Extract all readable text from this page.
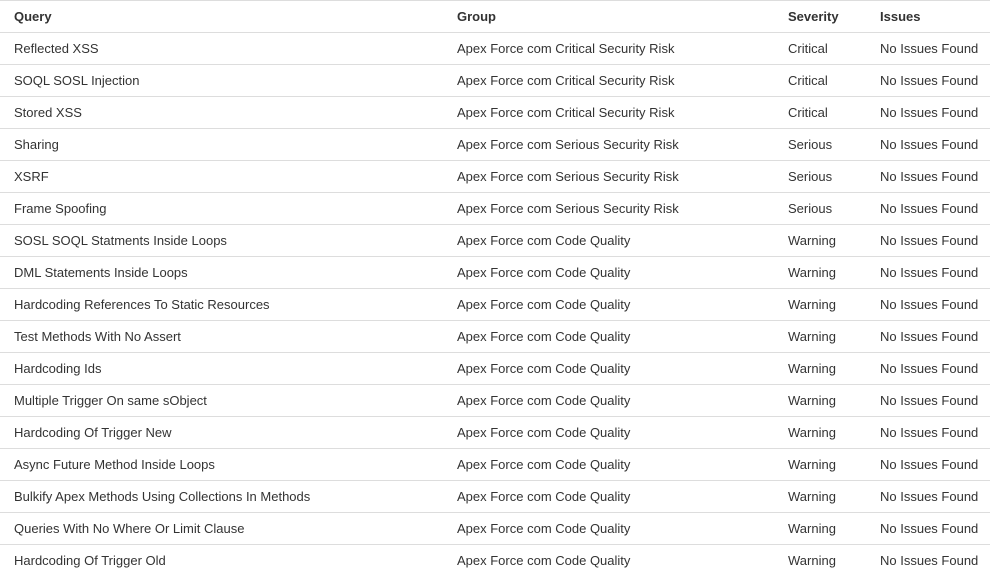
Query	Group	Severity	Issues
Reflected XSS	Apex Force com Critical Security Risk	Critical	No Issues Found
SOQL SOSL Injection	Apex Force com Critical Security Risk	Critical	No Issues Found
Stored XSS	Apex Force com Critical Security Risk	Critical	No Issues Found
Sharing	Apex Force com Serious Security Risk	Serious	No Issues Found
XSRF	Apex Force com Serious Security Risk	Serious	No Issues Found
Frame Spoofing	Apex Force com Serious Security Risk	Serious	No Issues Found
SOSL SOQL Statments Inside Loops	Apex Force com Code Quality	Warning	No Issues Found
DML Statements Inside Loops	Apex Force com Code Quality	Warning	No Issues Found
Hardcoding References To Static Resources	Apex Force com Code Quality	Warning	No Issues Found
Test Methods With No Assert	Apex Force com Code Quality	Warning	No Issues Found
Hardcoding Ids	Apex Force com Code Quality	Warning	No Issues Found
Multiple Trigger On same sObject	Apex Force com Code Quality	Warning	No Issues Found
Hardcoding Of Trigger New	Apex Force com Code Quality	Warning	No Issues Found
Async Future Method Inside Loops	Apex Force com Code Quality	Warning	No Issues Found
Bulkify Apex Methods Using Collections In Methods	Apex Force com Code Quality	Warning	No Issues Found
Queries With No Where Or Limit Clause	Apex Force com Code Quality	Warning	No Issues Found
Hardcoding Of Trigger Old	Apex Force com Code Quality	Warning	No Issues Found
